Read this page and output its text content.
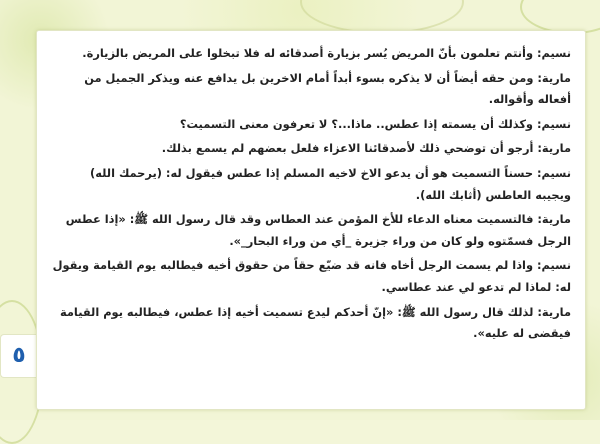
٥

نسيم: وأنتم تعلمون بأنّ المريض يُسر بزيارة أصدقائه له فلا تبخلوا على المريض بالزيارة.

مارية: ومن حقه أيضاً أن لا يذكره بسوء أبداً أمام الاخرين بل يدافع عنه ويذكر الجميل من أفعاله وأقواله.

نسيم: وكذلك أن يسمته إذا عطس.. ماذا...؟ لا تعرفون معنى التسميت؟

مارية: أرجو أن توضحي ذلك لأصدقائنا الاعزاء فلعل بعضهم لم يسمع بذلك.

نسيم: حسناً التسميت هو أن يدعو الاخ لاخيه المسلم إذا عطس فيقول له: (يرحمك الله) ويجيبه العاطس (أثابك الله).

مارية: فالتسميت معناه الدعاء للأخ المؤمن عند العطاس وقد قال رسول الله ﷺ: «إذا عطس الرجل فسمّتوه ولو كان من وراء جزيرة _أي من وراء البحار_».

نسيم: واذا لم يسمت الرجل أخاه فانه قد ضيّع حقاً من حقوق أخيه فيطالبه يوم القيامة ويقول له: لماذا لم تدعو لي عند عطاسي.

مارية: لذلك قال رسول الله ﷺ: «إنّ أحدكم ليدع تسميت أخيه إذا عطس، فيطالبه يوم القيامة فيقضى له عليه».
